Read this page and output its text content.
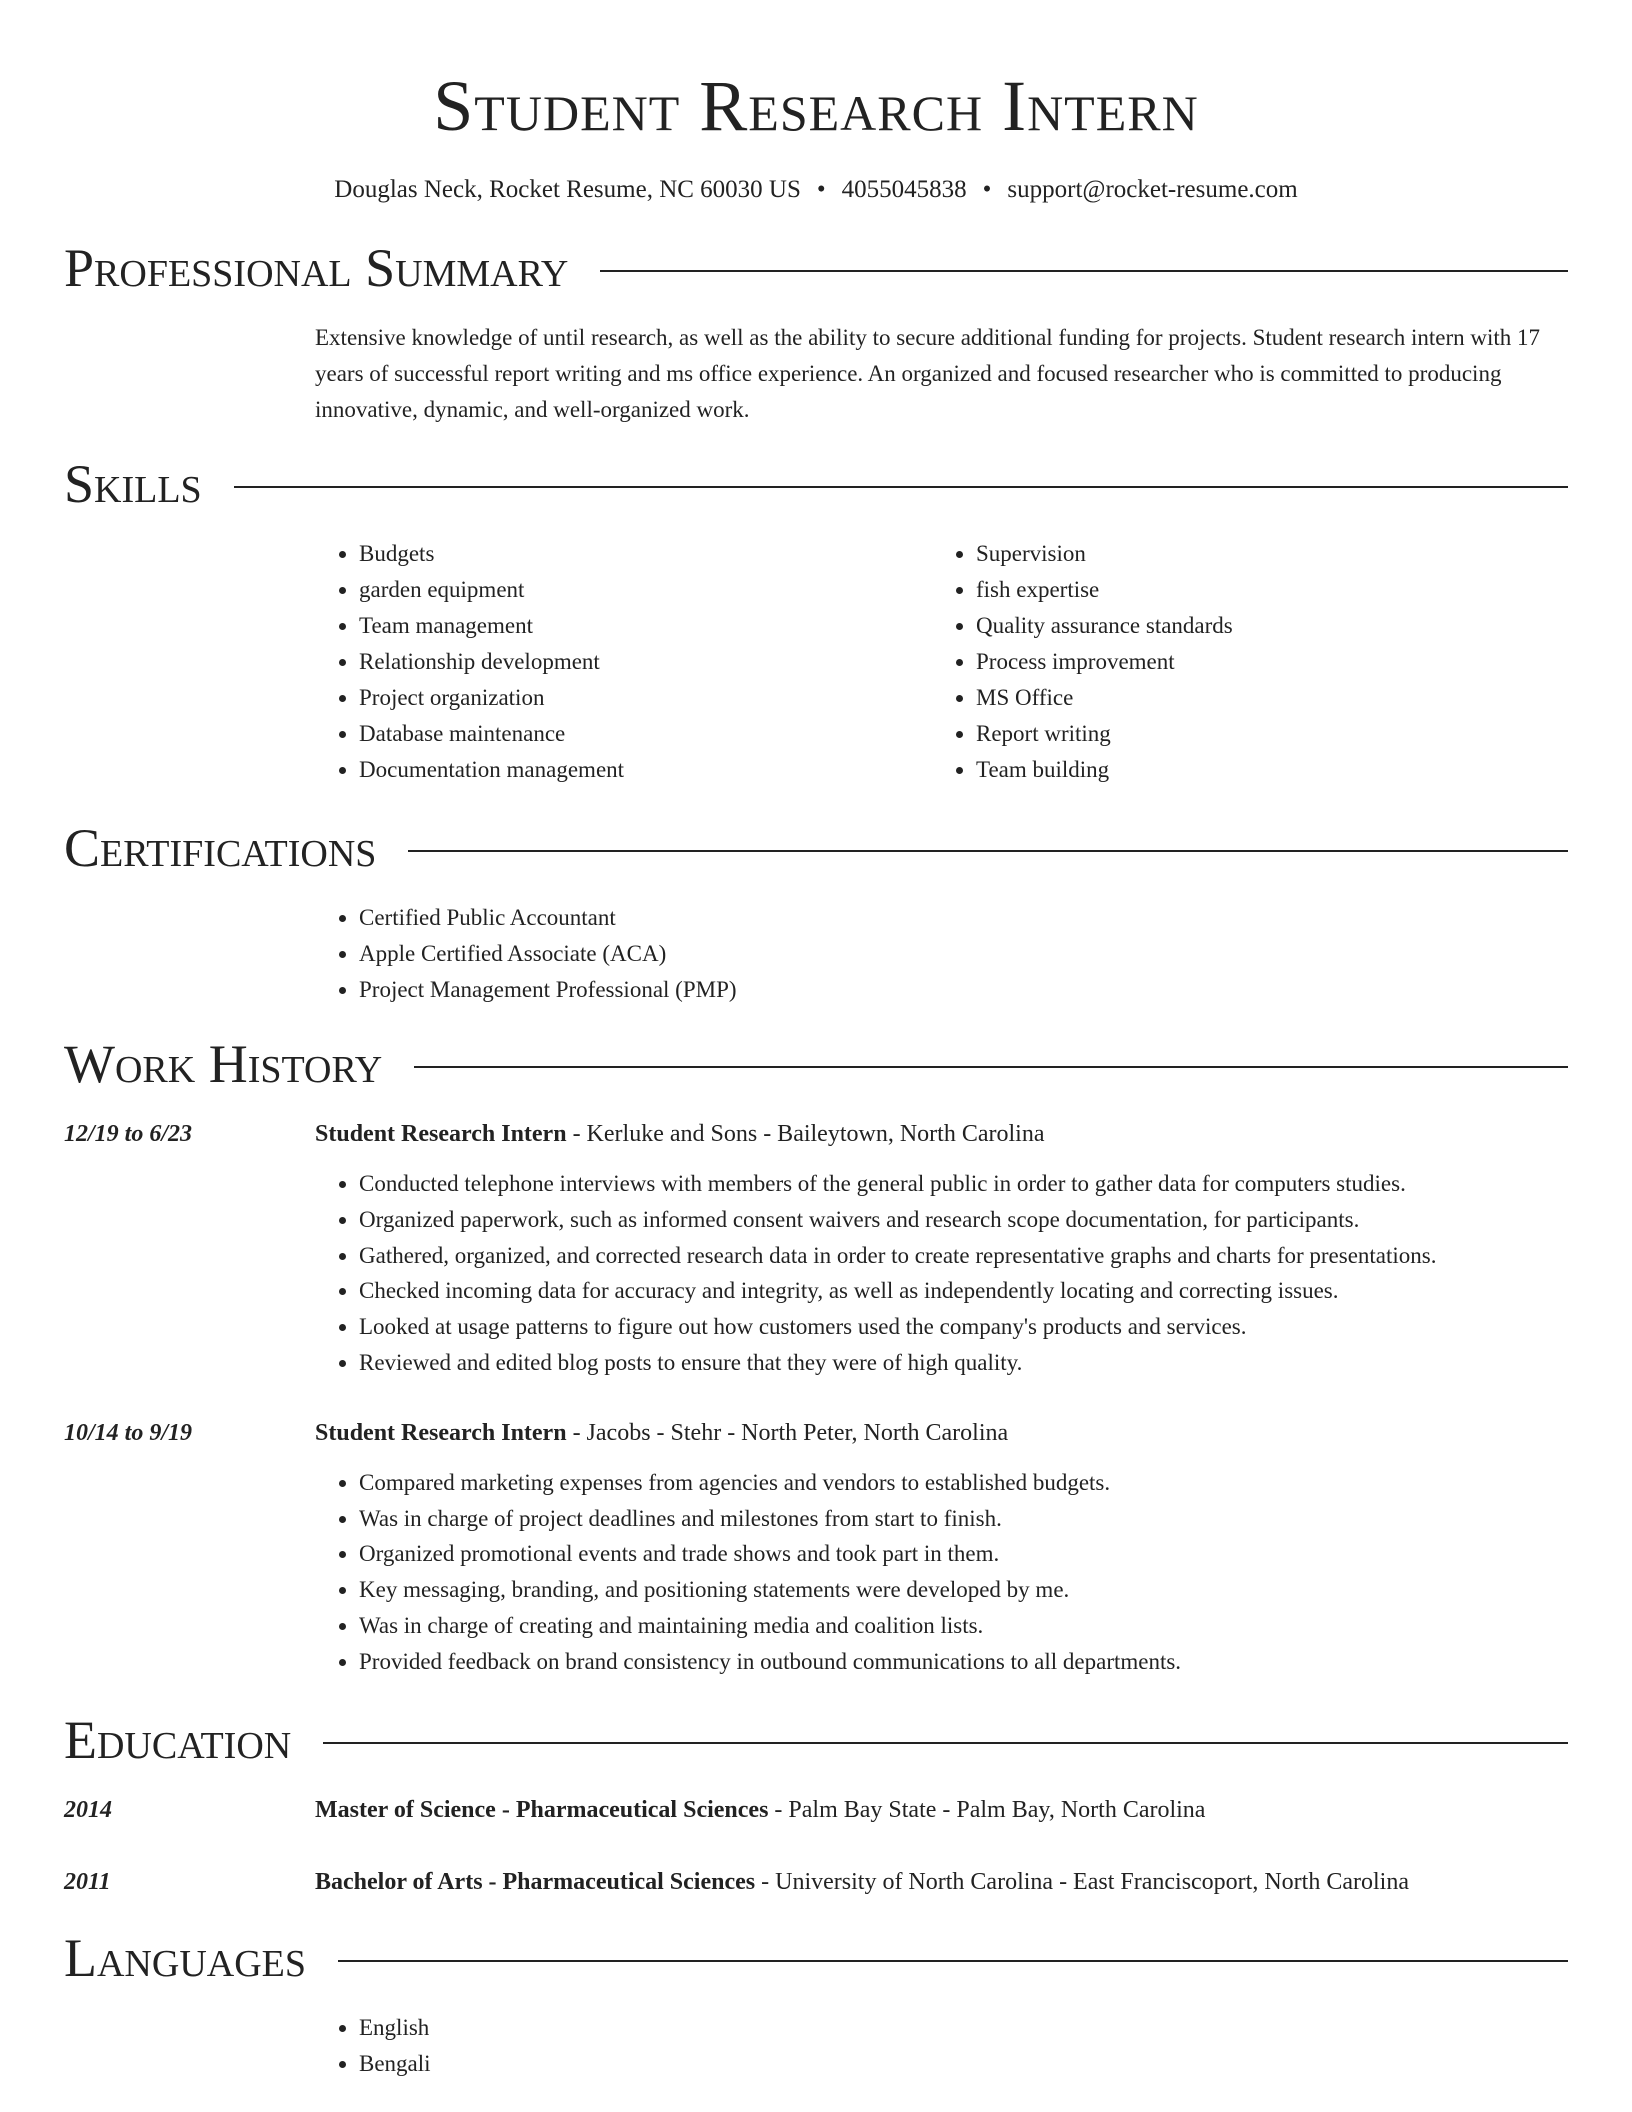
Student Research Intern
Douglas Neck, Rocket Resume, NC 60030 US • 4055045838 • support@rocket-resume.com
Professional Summary
Extensive knowledge of until research, as well as the ability to secure additional funding for projects. Student research intern with 17 years of successful report writing and ms office experience. An organized and focused researcher who is committed to producing innovative, dynamic, and well-organized work.
Skills
• Budgets
• garden equipment
• Team management
• Relationship development
• Project organization
• Database maintenance
• Documentation management
• Supervision
• fish expertise
• Quality assurance standards
• Process improvement
• MS Office
• Report writing
• Team building
Certifications
• Certified Public Accountant
• Apple Certified Associate (ACA)
• Project Management Professional (PMP)
Work History
12/19 to 6/23	Student Research Intern - Kerluke and Sons - Baileytown, North Carolina
• Conducted telephone interviews with members of the general public in order to gather data for computers studies.
• Organized paperwork, such as informed consent waivers and research scope documentation, for participants.
• Gathered, organized, and corrected research data in order to create representative graphs and charts for presentations.
• Checked incoming data for accuracy and integrity, as well as independently locating and correcting issues.
• Looked at usage patterns to figure out how customers used the company's products and services.
• Reviewed and edited blog posts to ensure that they were of high quality.
10/14 to 9/19	Student Research Intern - Jacobs - Stehr - North Peter, North Carolina
• Compared marketing expenses from agencies and vendors to established budgets.
• Was in charge of project deadlines and milestones from start to finish.
• Organized promotional events and trade shows and took part in them.
• Key messaging, branding, and positioning statements were developed by me.
• Was in charge of creating and maintaining media and coalition lists.
• Provided feedback on brand consistency in outbound communications to all departments.
Education
2014	Master of Science - Pharmaceutical Sciences - Palm Bay State - Palm Bay, North Carolina
2011	Bachelor of Arts - Pharmaceutical Sciences - University of North Carolina - East Franciscoport, North Carolina
Languages
• English
• Bengali
